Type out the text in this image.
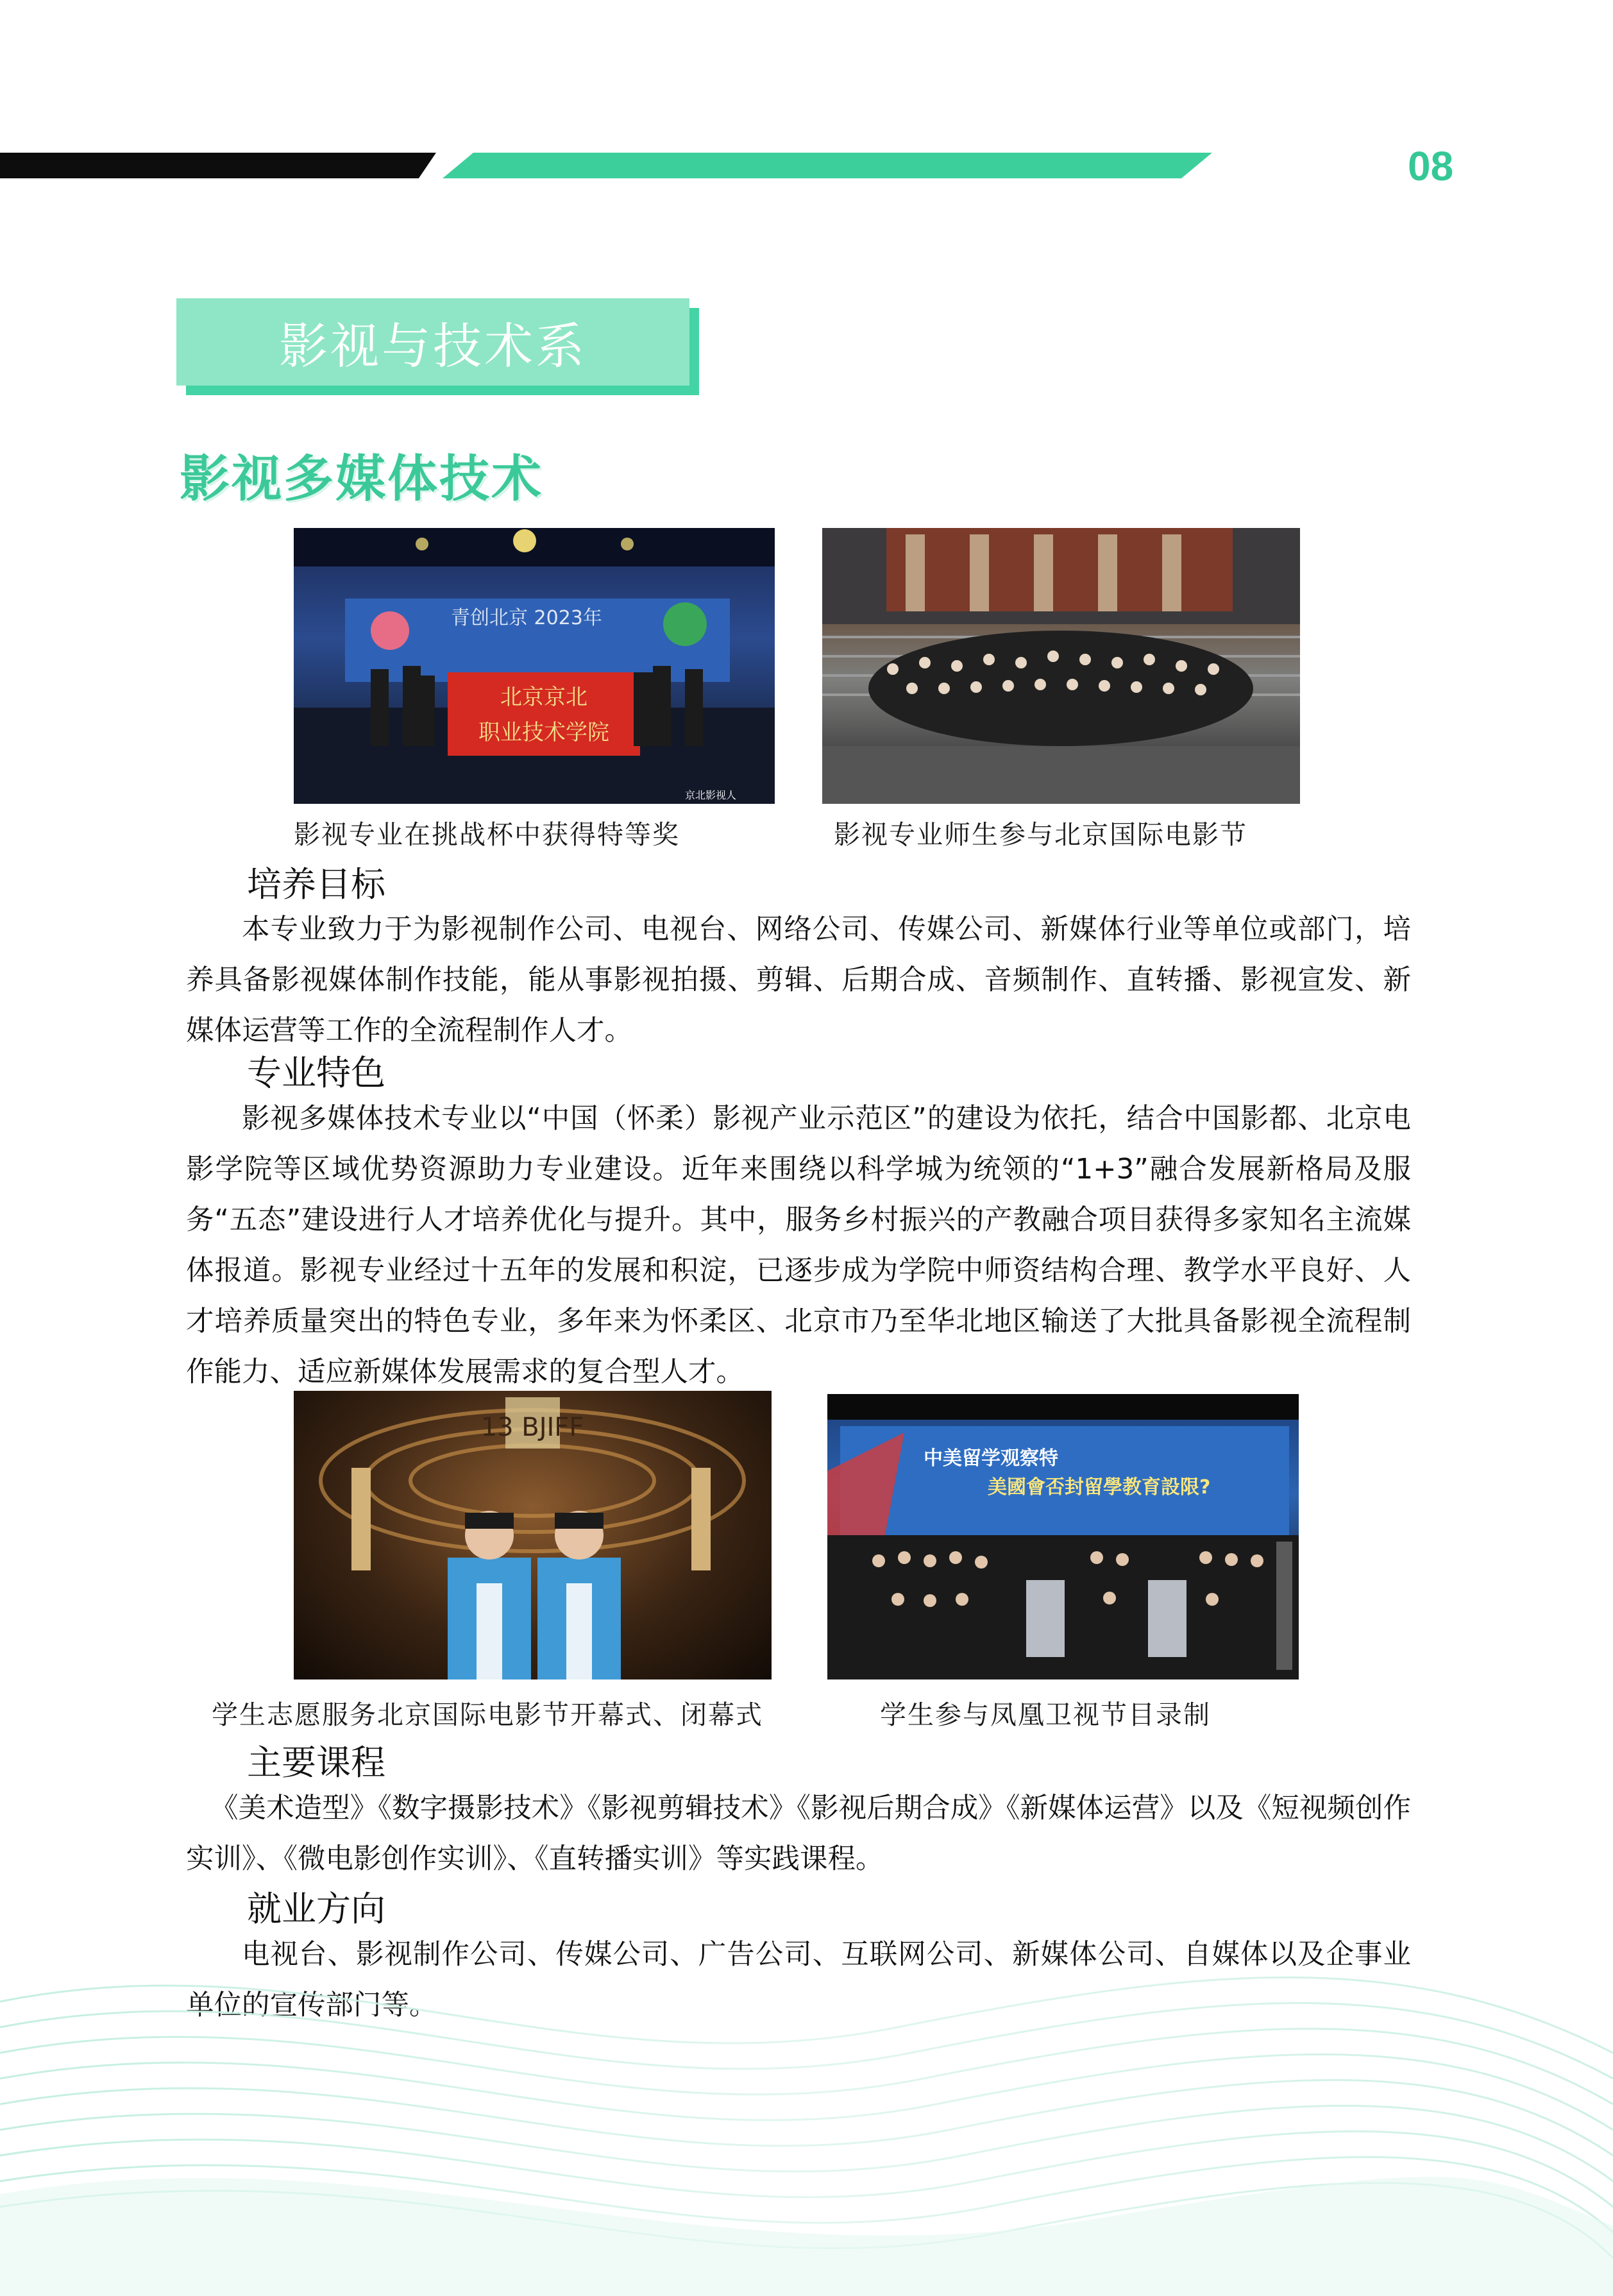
08
影视与技术系
影视多媒体技术
北京京北
职业技术学院
青创北京 2023年
京北影视人
影视专业在挑战杯中获得特等奖	影视专业师生参与北京国际电影节
培养目标

本专业致力于为影视制作公司、电视台、网络公司、传媒公司、新媒体行业等单位或部门，培养具备影视媒体制作技能，能从事影视拍摄、剪辑、后期合成、音频制作、直转播、影视宣发、新媒体运营等工作的全流程制作人才。

专业特色

影视多媒体技术专业以“中国（怀柔）影视产业示范区”的建设为依托，结合中国影都、北京电影学院等区域优势资源助力专业建设。近年来围绕以科学城为统领的“1+3”融合发展新格局及服务“五态”建设进行人才培养优化与提升。其中，服务乡村振兴的产教融合项目获得多家知名主流媒体报道。影视专业经过十五年的发展和积淀，已逐步成为学院中师资结构合理、教学水平良好、人才培养质量突出的特色专业，多年来为怀柔区、北京市乃至华北地区输送了大批具备影视全流程制作能力、适应新媒体发展需求的复合型人才。

13 BJIFF
中美留学观察特
美國會否封留學教育設限?
学生志愿服务北京国际电影节开幕式、闭幕式	学生参与凤凰卫视节目录制
主要课程

《美术造型》《数字摄影技术》《影视剪辑技术》《影视后期合成》《新媒体运营》以及《短视频创作实训》、《微电影创作实训》、《直转播实训》等实践课程。

就业方向

电视台、影视制作公司、传媒公司、广告公司、互联网公司、新媒体公司、自媒体以及企事业单位的宣传部门等。
